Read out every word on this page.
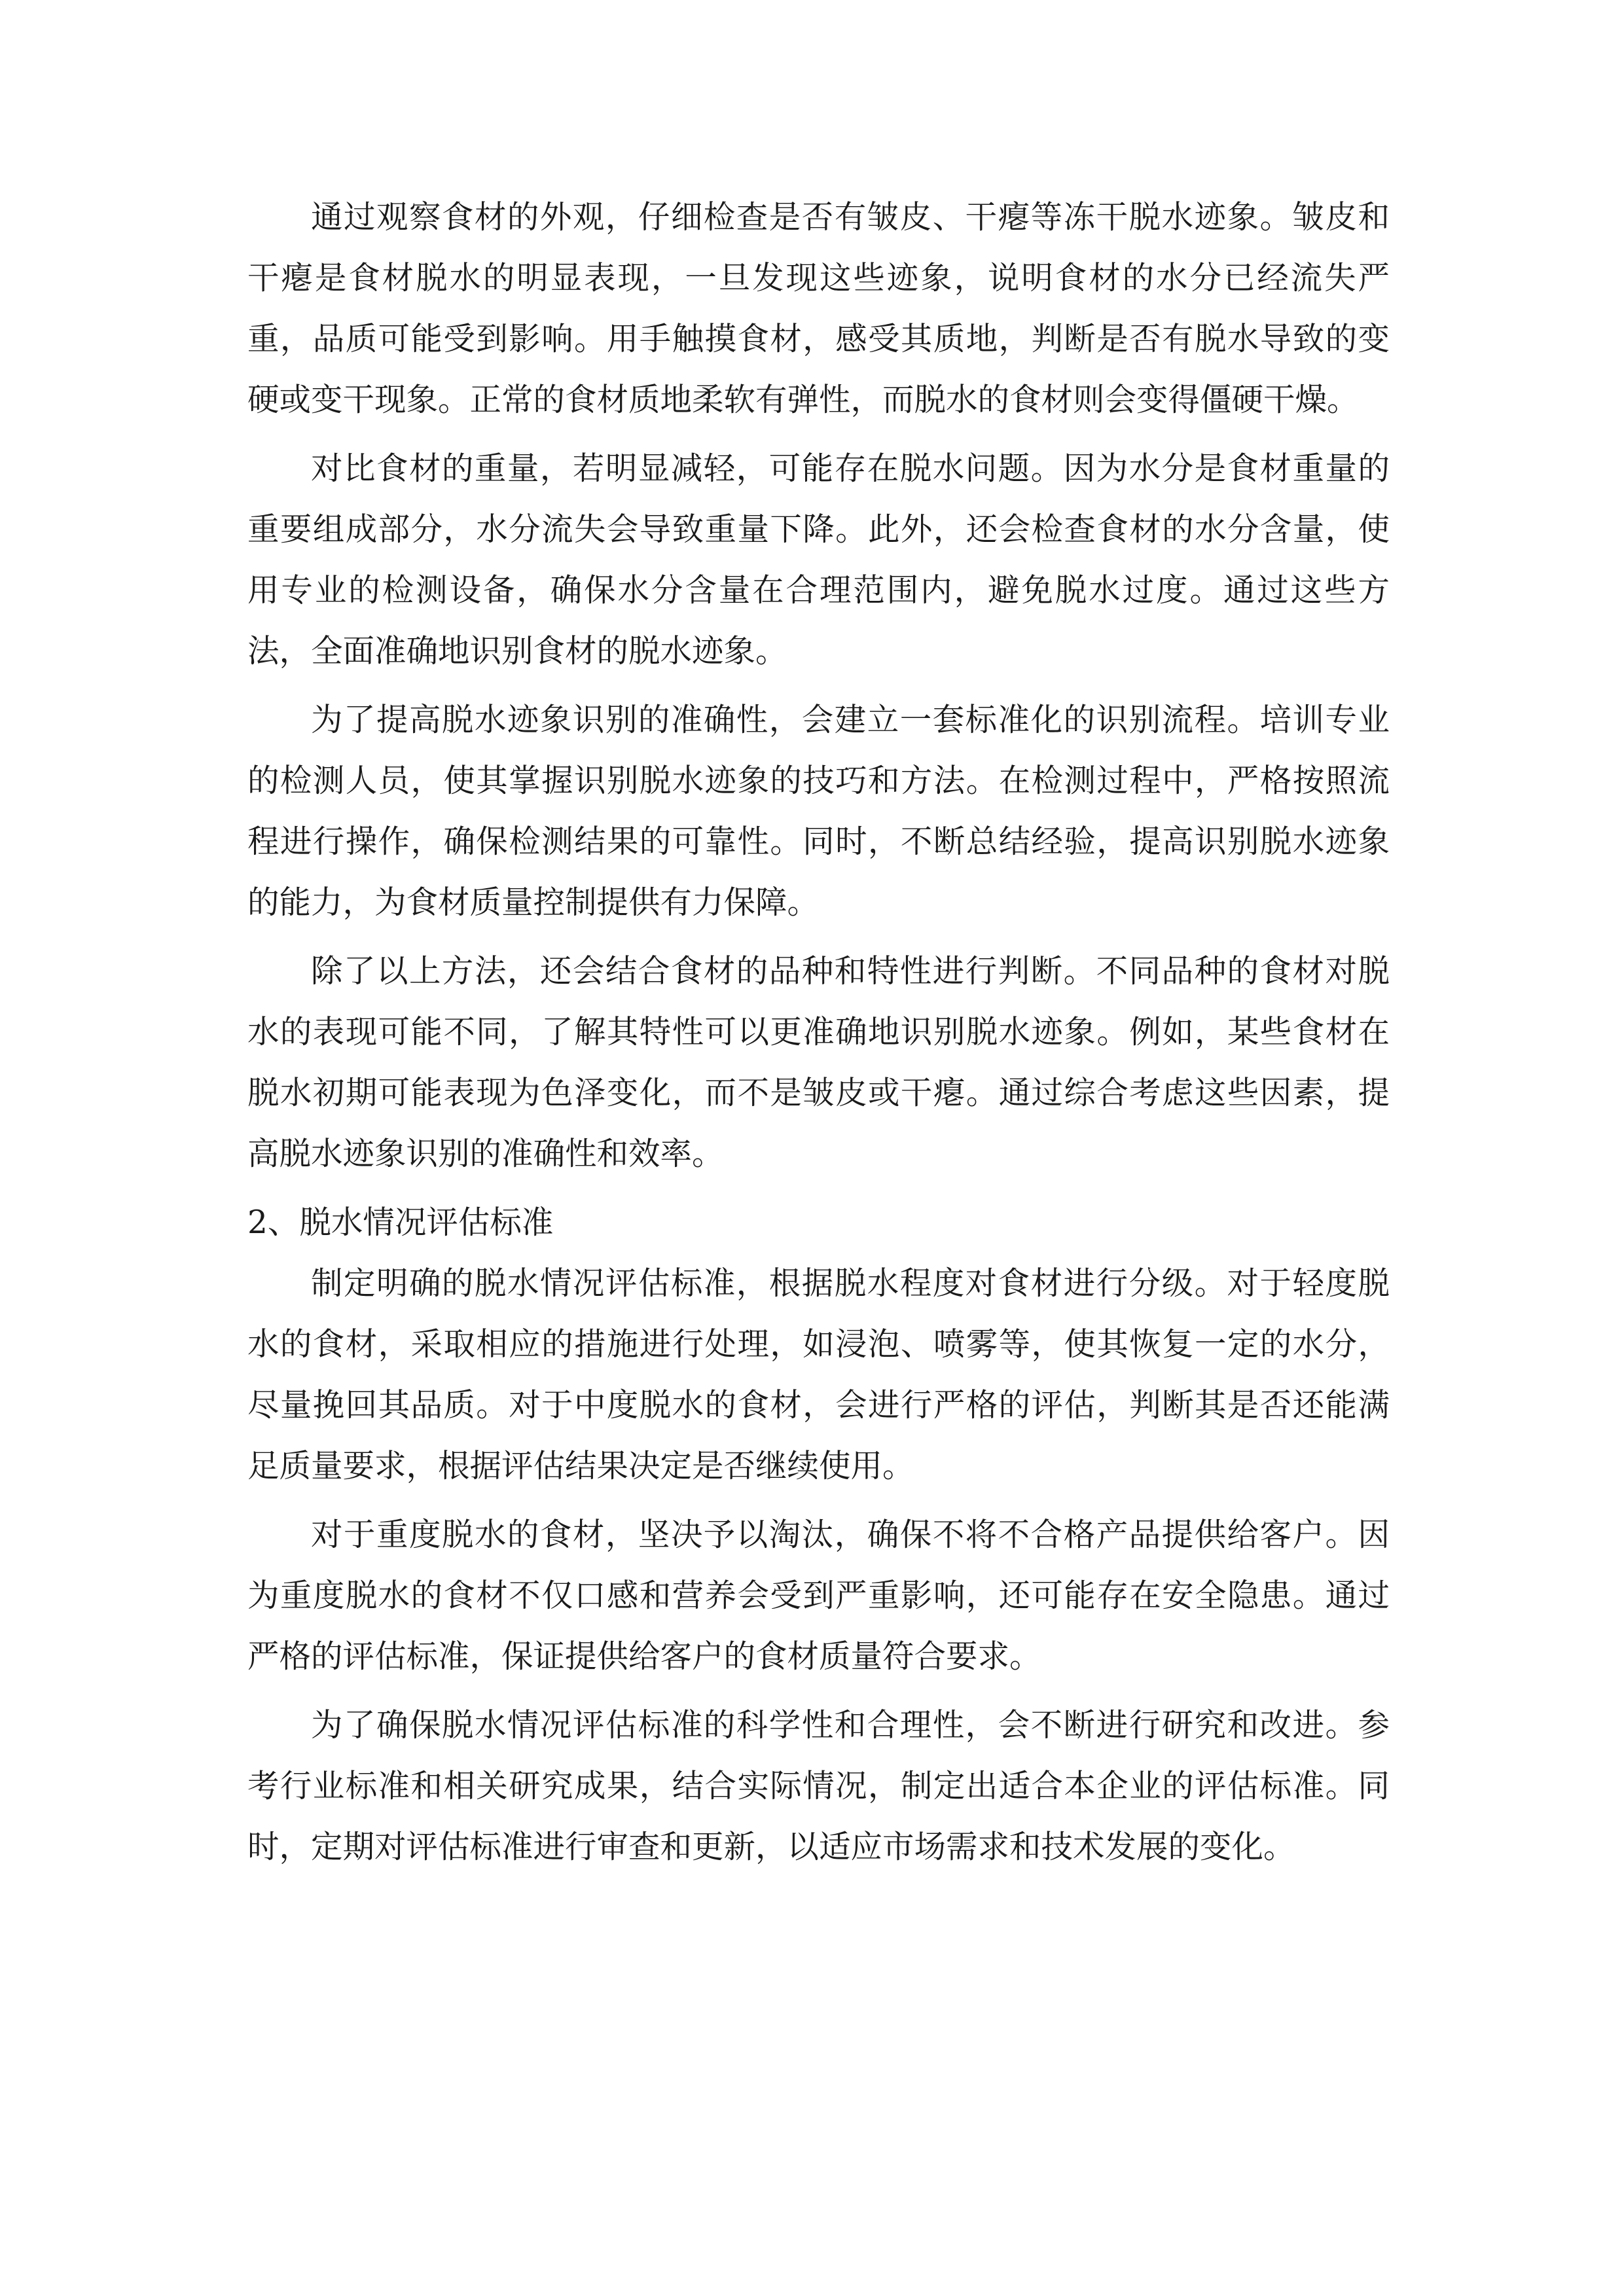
通过观察食材的外观，仔细检查是否有皱皮、干瘪等冻干脱水迹象。皱皮和干瘪是食材脱水的明显表现，一旦发现这些迹象，说明食材的水分已经流失严重，品质可能受到影响。用手触摸食材，感受其质地，判断是否有脱水导致的变硬或变干现象。正常的食材质地柔软有弹性，而脱水的食材则会变得僵硬干燥。

对比食材的重量，若明显减轻，可能存在脱水问题。因为水分是食材重量的重要组成部分，水分流失会导致重量下降。此外，还会检查食材的水分含量，使用专业的检测设备，确保水分含量在合理范围内，避免脱水过度。通过这些方法，全面准确地识别食材的脱水迹象。

为了提高脱水迹象识别的准确性，会建立一套标准化的识别流程。培训专业的检测人员，使其掌握识别脱水迹象的技巧和方法。在检测过程中，严格按照流程进行操作，确保检测结果的可靠性。同时，不断总结经验，提高识别脱水迹象的能力，为食材质量控制提供有力保障。

除了以上方法，还会结合食材的品种和特性进行判断。不同品种的食材对脱水的表现可能不同，了解其特性可以更准确地识别脱水迹象。例如，某些食材在脱水初期可能表现为色泽变化，而不是皱皮或干瘪。通过综合考虑这些因素，提高脱水迹象识别的准确性和效率。

2、脱水情况评估标准

制定明确的脱水情况评估标准，根据脱水程度对食材进行分级。对于轻度脱水的食材，采取相应的措施进行处理，如浸泡、喷雾等，使其恢复一定的水分，尽量挽回其品质。对于中度脱水的食材，会进行严格的评估，判断其是否还能满足质量要求，根据评估结果决定是否继续使用。

对于重度脱水的食材，坚决予以淘汰，确保不将不合格产品提供给客户。因为重度脱水的食材不仅口感和营养会受到严重影响，还可能存在安全隐患。通过严格的评估标准，保证提供给客户的食材质量符合要求。

为了确保脱水情况评估标准的科学性和合理性，会不断进行研究和改进。参考行业标准和相关研究成果，结合实际情况，制定出适合本企业的评估标准。同时，定期对评估标准进行审查和更新，以适应市场需求和技术发展的变化。
